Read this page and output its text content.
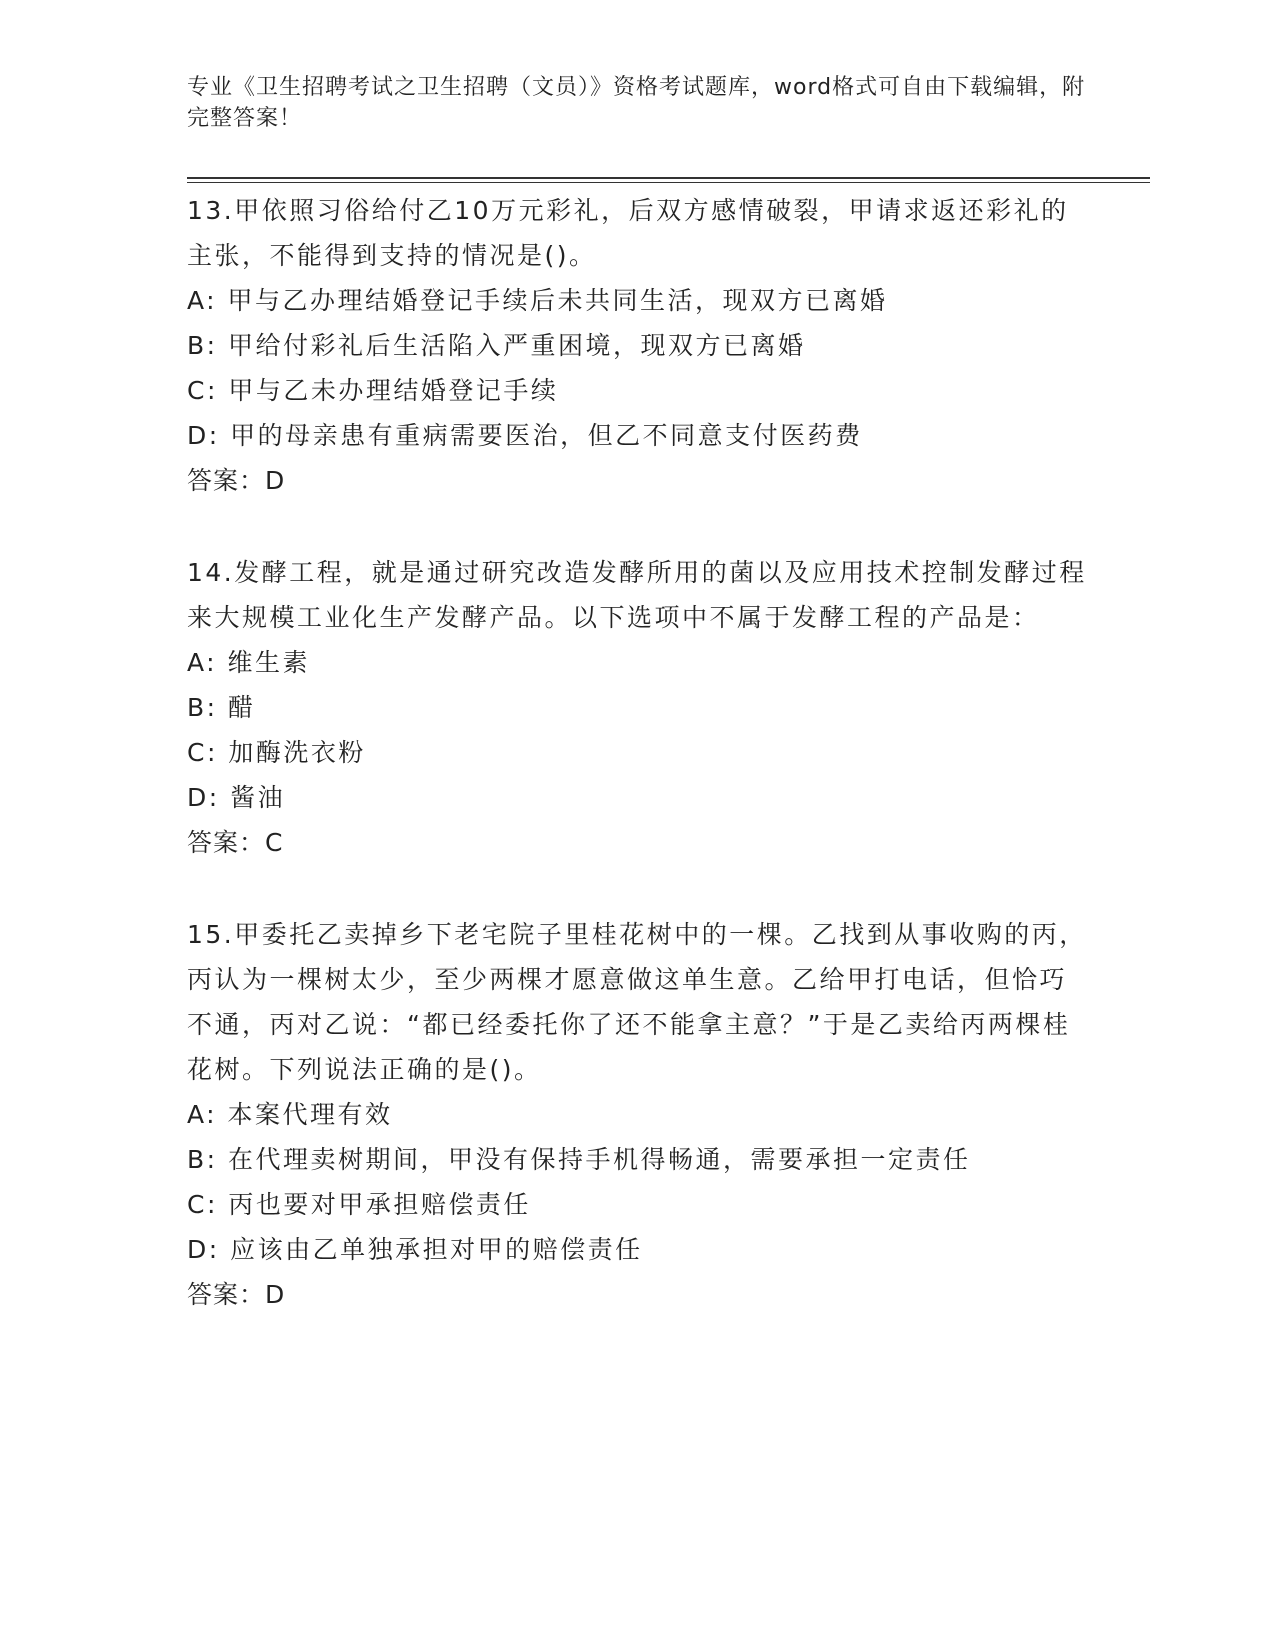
专业《卫生招聘考试之卫生招聘（文员）》资格考试题库，word格式可自由下载编辑，附完整答案！
13.甲依照习俗给付乙10万元彩礼，后双方感情破裂，甲请求返还彩礼的主张，不能得到支持的情况是()。
A: 甲与乙办理结婚登记手续后未共同生活，现双方已离婚
B: 甲给付彩礼后生活陷入严重困境，现双方已离婚
C: 甲与乙未办理结婚登记手续
D: 甲的母亲患有重病需要医治，但乙不同意支付医药费
答案：D
14.发酵工程，就是通过研究改造发酵所用的菌以及应用技术控制发酵过程来大规模工业化生产发酵产品。以下选项中不属于发酵工程的产品是：
A: 维生素
B: 醋
C: 加酶洗衣粉
D: 酱油
答案：C
15.甲委托乙卖掉乡下老宅院子里桂花树中的一棵。乙找到从事收购的丙，丙认为一棵树太少，至少两棵才愿意做这单生意。乙给甲打电话，但恰巧不通，丙对乙说：“都已经委托你了还不能拿主意？”于是乙卖给丙两棵桂花树。下列说法正确的是()。
A: 本案代理有效
B: 在代理卖树期间，甲没有保持手机得畅通，需要承担一定责任
C: 丙也要对甲承担赔偿责任
D: 应该由乙单独承担对甲的赔偿责任
答案：D
